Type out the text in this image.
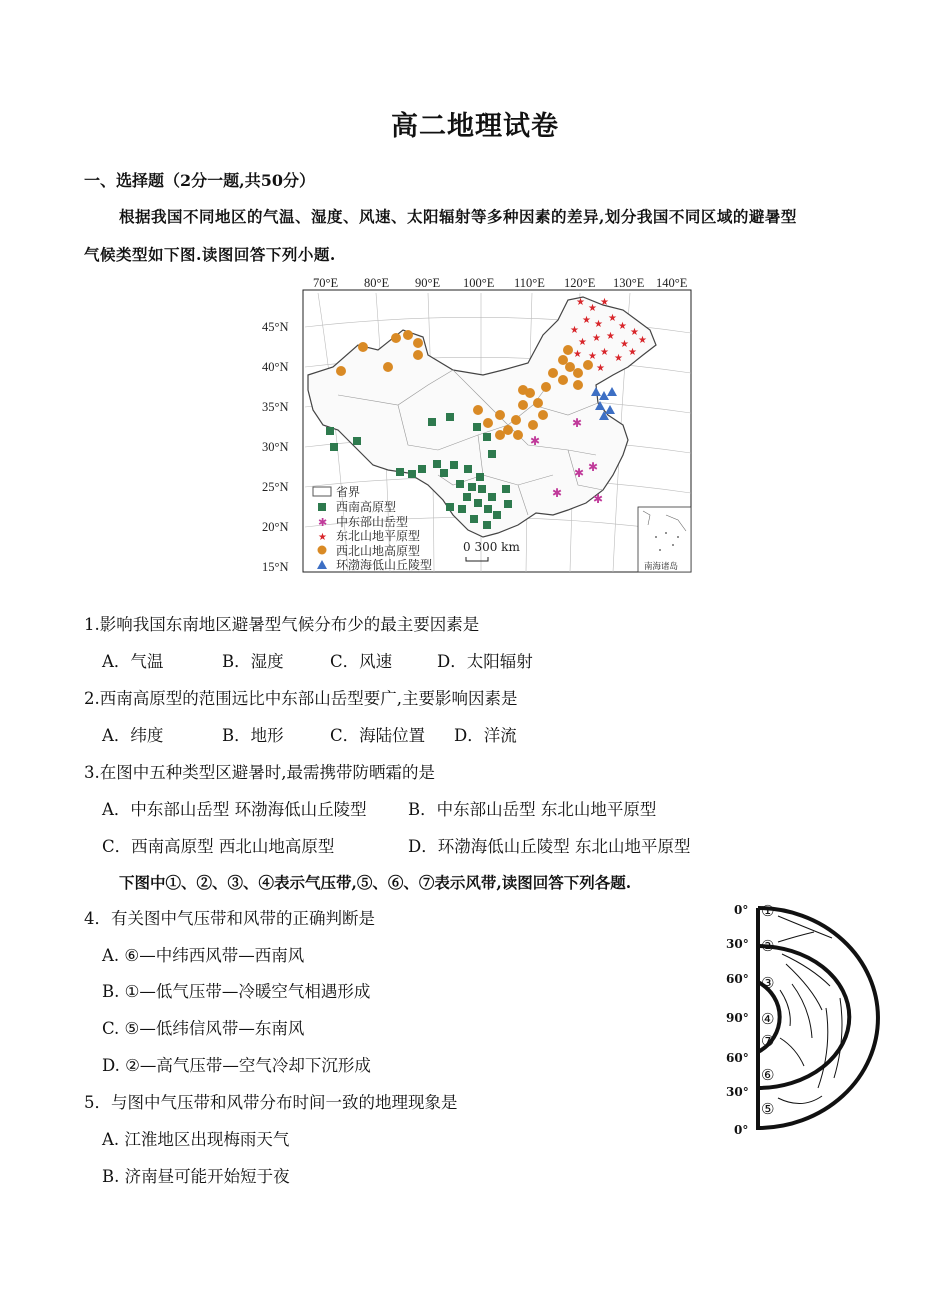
高二地理试卷
一、选择题（2分一题,共50分）
根据我国不同地区的气温、湿度、风速、太阳辐射等多种因素的差异,划分我国不同区域的避暑型
气候类型如下图.读图回答下列小题.
70°E 80°E 90°E 100°E 110°E 120°E 130°E 140°E
45°N
40°N
35°N
30°N
25°N
20°N
15°N
★
★
★
★ ★
★
★
★
★
★ ★ ★
★
★
★
★
★	★
★
★
✱
✱
✱ ✱
✱	✱
省界
西南高原型
✱ 中东部山岳型
★ 东北山地平原型
西北山地高原型
环渤海低山丘陵型
0 300 km
南海诸岛
1.影响我国东南地区避暑型气候分布少的最主要因素是
A．气温	B．湿度	C．风速	D．太阳辐射
2.西南高原型的范围远比中东部山岳型要广,主要影响因素是
A．纬度	B．地形	C．海陆位置 D．洋流
3.在图中五种类型区避暑时,最需携带防晒霜的是
A．中东部山岳型 环渤海低山丘陵型	B．中东部山岳型 东北山地平原型
C．西南高原型 西北山地高原型	D．环渤海低山丘陵型 东北山地平原型
下图中①、②、③、④表示气压带,⑤、⑥、⑦表示风带,读图回答下列各题.
4．有关图中气压带和风带的正确判断是
A. ⑥—中纬西风带—西南风
B. ①—低气压带—冷暖空气相遇形成
C. ⑤—低纬信风带—东南风
D. ②—高气压带—空气冷却下沉形成
5．与图中气压带和风带分布时间一致的地理现象是
A. 江淮地区出现梅雨天气
B. 济南昼可能开始短于夜
0°
30°
60°
90°
60°
30°
0°
①
②
③
④
⑦
⑥
⑤
